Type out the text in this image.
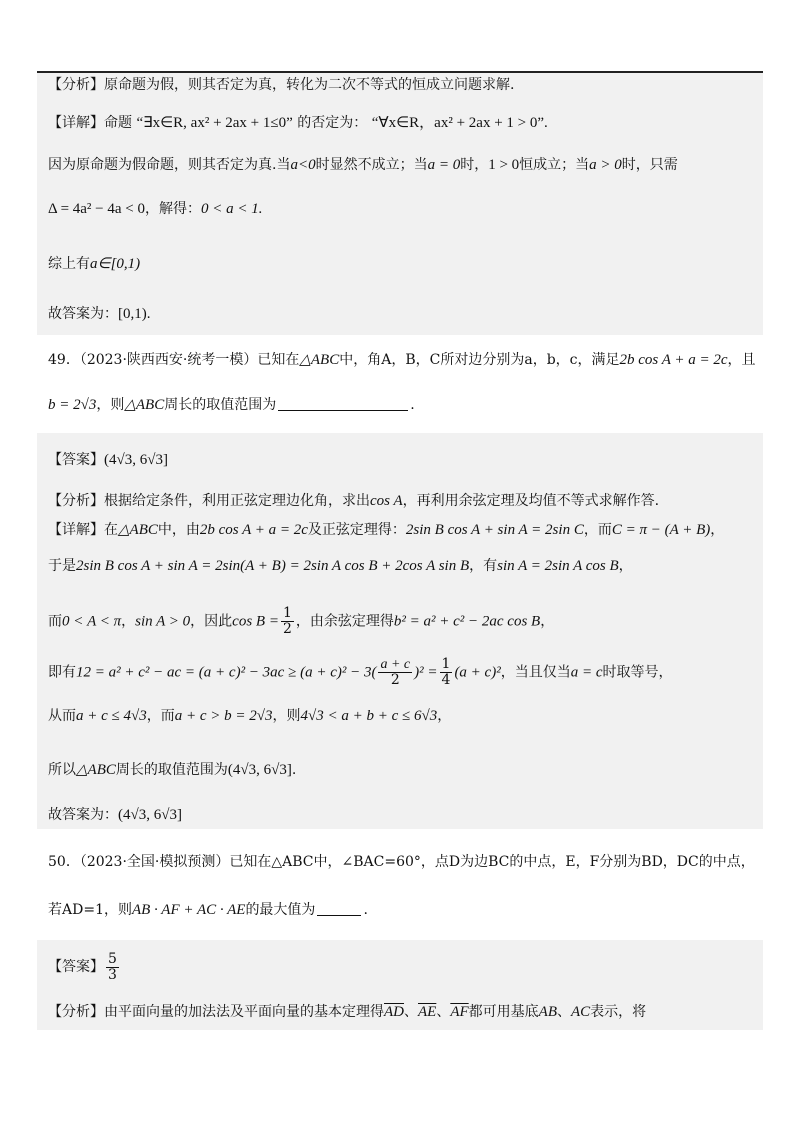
【分析】原命题为假，则其否定为真，转化为二次不等式的恒成立问题求解.
【详解】命题 “∃x∈R, ax² + 2ax + 1≤0” 的否定为： “∀x∈R，ax² + 2ax + 1 > 0”.
因为原命题为假命题，则其否定为真.当a<0时显然不成立；当a = 0时，1 > 0恒成立；当a > 0时，只需
Δ = 4a² − 4a < 0，解得：0 < a < 1.
综上有a∈[0,1)
故答案为：[0,1).
49．（2023·陕西西安·统考一模）已知在△ABC中，角A，B，C所对边分别为a，b，c，满足2b cos A + a = 2c，且
b = 2√3，则△ABC周长的取值范围为	.
【答案】(4√3, 6√3]
【分析】根据给定条件，利用正弦定理边化角，求出cos A，再利用余弦定理及均值不等式求解作答.
【详解】在△ABC中，由2b cos A + a = 2c及正弦定理得：2sin B cos A + sin A = 2sin C，而C = π − (A + B)，
于是2sin B cos A + sin A = 2sin(A + B) = 2sin A cos B + 2cos A sin B，有sin A = 2sin A cos B，
而0 < A < π，sin A > 0，因此$\cos B = \frac{1}{2}$ ，由余弦定理得b² = a² + c² − 2ac cos B，
即有12 = a² + c² − ac = $(a + c)^2 - 3ac \ge (a + c)^2 - 3( \frac{a + c}{2} )^2 = \frac{1}{4} (a + c)^2$，当且仅当a = c时取等号，
从而a + c ≤ 4√3，而a + c > b = 2√3，则4√3 < a + b + c ≤ 6√3，
所以△ABC周长的取值范围为(4√3, 6√3].
故答案为：(4√3, 6√3]
50．（2023·全国·模拟预测）已知在△ABC中，∠BAC=60°，点D为边BC的中点，E，F分别为BD，DC的中点，
若AD=1，则AB · AF + AC · AE的最大值为	.
【答案】 $\frac{5}{3}$
【分析】由平面向量的加法法及平面向量的基本定理得$\overline{AD}$、$\overline{AE}$、$\overline{AF}$都可用基底AB、AC表示，将
